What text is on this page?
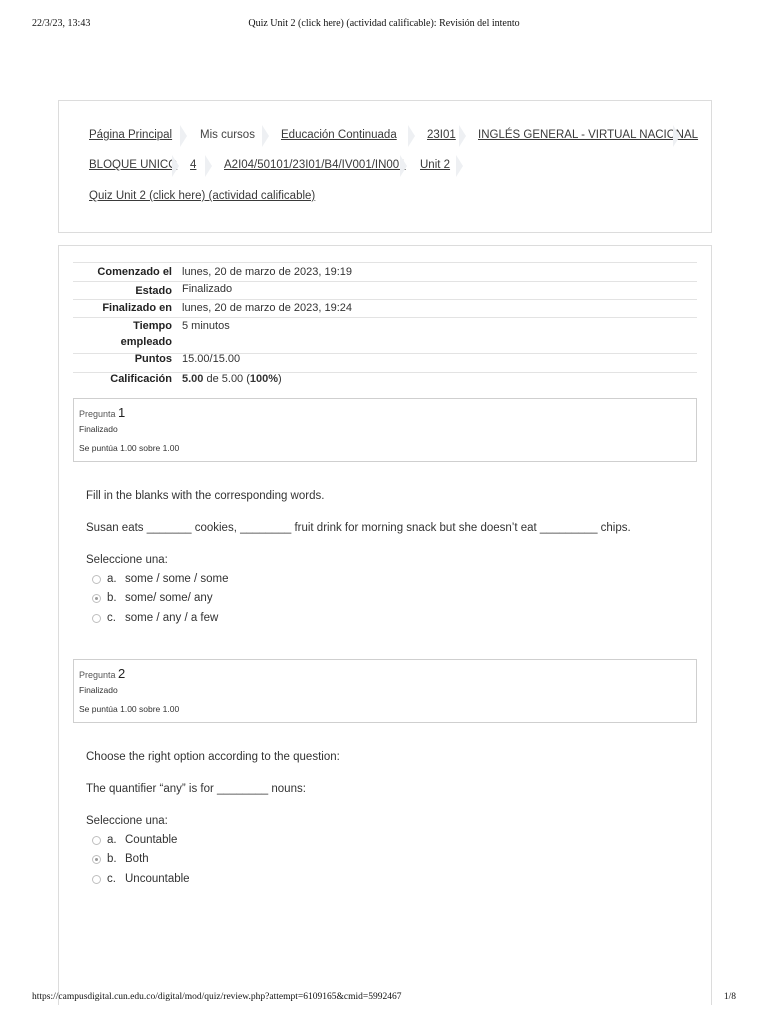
22/3/23, 13:43	Quiz Unit 2 (click here) (actividad calificable): Revisión del intento
Página Principal Mis cursos Educación Continuada	23I01 INGLÉS GENERAL - VIRTUAL NACIONAL
BLOQUE UNICO 4 A2I04/50101/23I01/B4/IV001/IN001 Unit 2
Quiz Unit 2 (click here) (actividad calificable)
Comenzado el lunes, 20 de marzo de 2023, 19:19
Estado Finalizado
Finalizado en lunes, 20 de marzo de 2023, 19:24
Tiempo
empleado
5 minutos
Puntos 15.00/15.00
Calificación 5.00 de 5.00 (100%)
Pregunta 1
Finalizado
Se puntúa 1.00 sobre 1.00
Fill in the blanks with the corresponding words.
Susan eats _______ cookies, ________ fruit drink for morning snack but she doesn’t eat _________ chips.
Seleccione una:
a. some / some / some
b. some/ some/ any
c. some / any / a few
Pregunta 2
Finalizado
Se puntúa 1.00 sobre 1.00
Choose the right option according to the question:
The quantifier “any” is for ________ nouns:
Seleccione una:
a. Countable
b. Both
c. Uncountable
https://campusdigital.cun.edu.co/digital/mod/quiz/review.php?attempt=6109165&cmid=5992467	1/8
